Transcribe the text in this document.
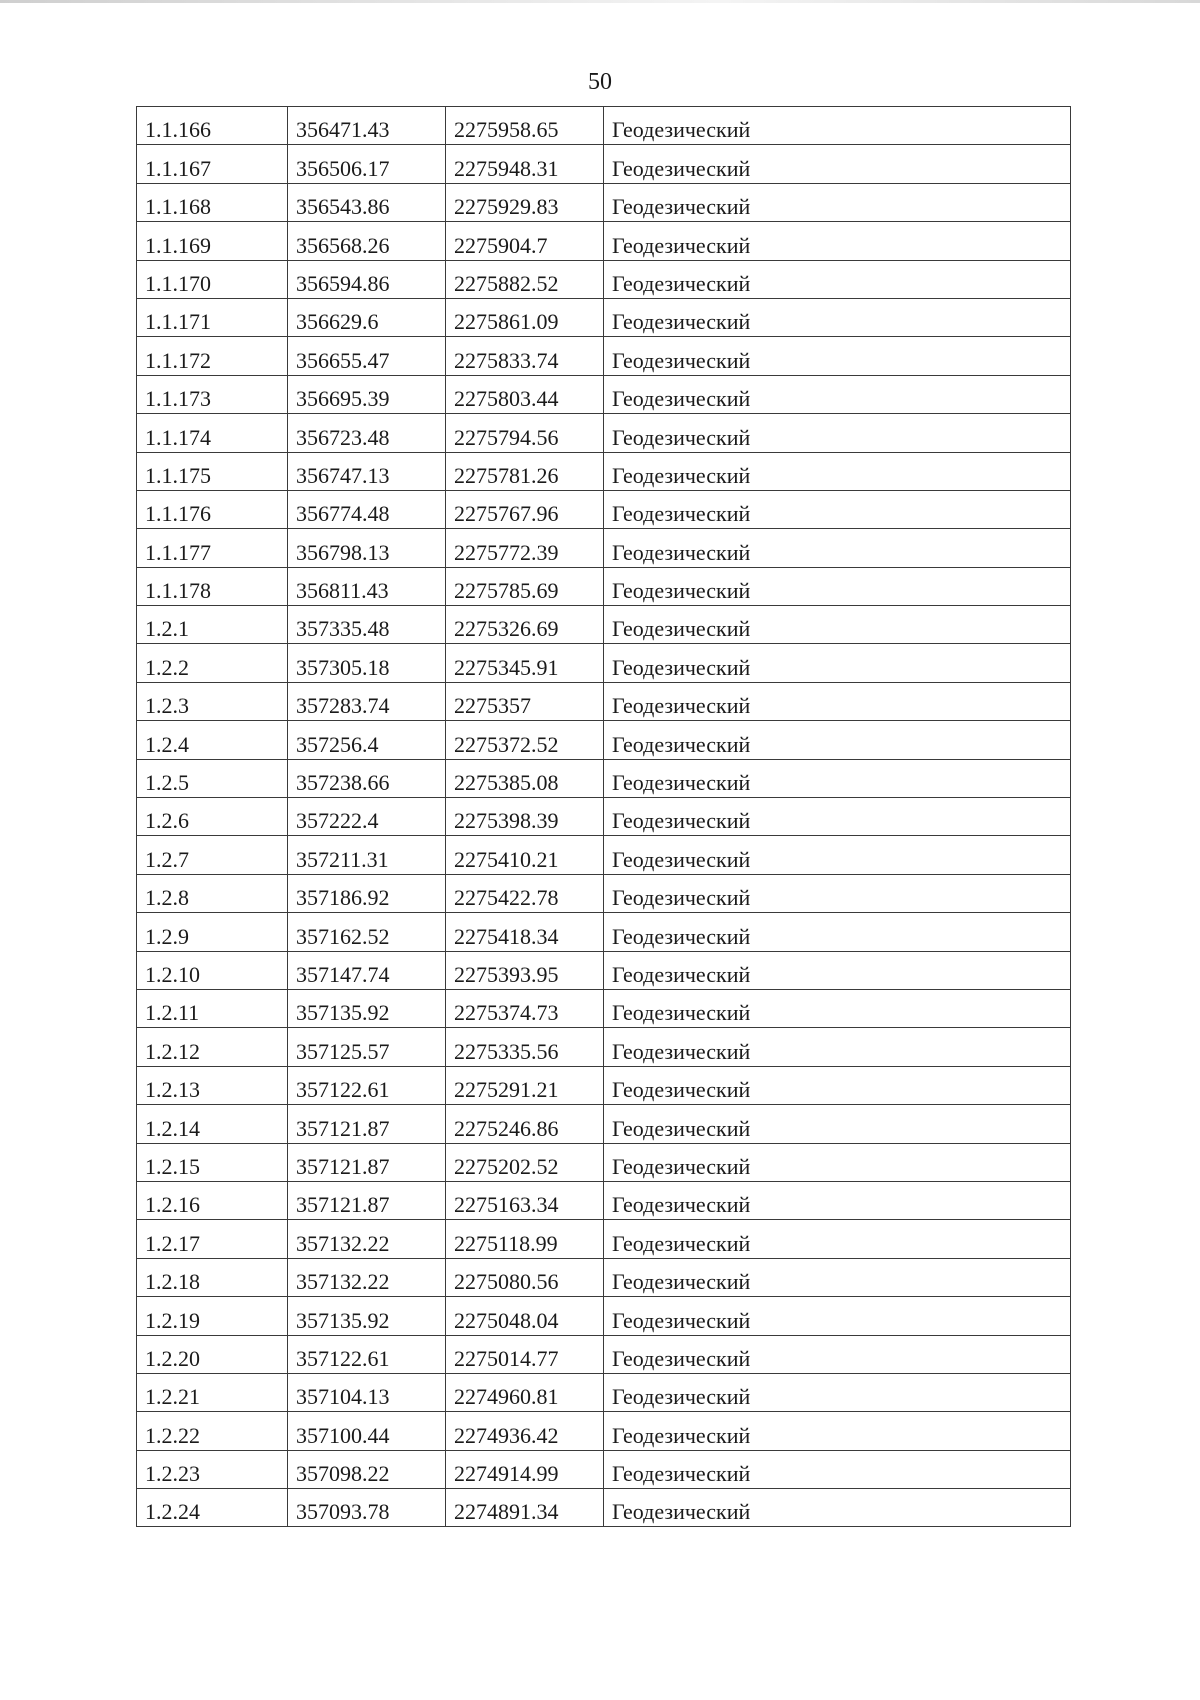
50
1.1.166	356471.43	2275958.65	Геодезический
1.1.167	356506.17	2275948.31	Геодезический
1.1.168	356543.86	2275929.83	Геодезический
1.1.169	356568.26	2275904.7	Геодезический
1.1.170	356594.86	2275882.52	Геодезический
1.1.171	356629.6	2275861.09	Геодезический
1.1.172	356655.47	2275833.74	Геодезический
1.1.173	356695.39	2275803.44	Геодезический
1.1.174	356723.48	2275794.56	Геодезический
1.1.175	356747.13	2275781.26	Геодезический
1.1.176	356774.48	2275767.96	Геодезический
1.1.177	356798.13	2275772.39	Геодезический
1.1.178	356811.43	2275785.69	Геодезический
1.2.1	357335.48	2275326.69	Геодезический
1.2.2	357305.18	2275345.91	Геодезический
1.2.3	357283.74	2275357	Геодезический
1.2.4	357256.4	2275372.52	Геодезический
1.2.5	357238.66	2275385.08	Геодезический
1.2.6	357222.4	2275398.39	Геодезический
1.2.7	357211.31	2275410.21	Геодезический
1.2.8	357186.92	2275422.78	Геодезический
1.2.9	357162.52	2275418.34	Геодезический
1.2.10	357147.74	2275393.95	Геодезический
1.2.11	357135.92	2275374.73	Геодезический
1.2.12	357125.57	2275335.56	Геодезический
1.2.13	357122.61	2275291.21	Геодезический
1.2.14	357121.87	2275246.86	Геодезический
1.2.15	357121.87	2275202.52	Геодезический
1.2.16	357121.87	2275163.34	Геодезический
1.2.17	357132.22	2275118.99	Геодезический
1.2.18	357132.22	2275080.56	Геодезический
1.2.19	357135.92	2275048.04	Геодезический
1.2.20	357122.61	2275014.77	Геодезический
1.2.21	357104.13	2274960.81	Геодезический
1.2.22	357100.44	2274936.42	Геодезический
1.2.23	357098.22	2274914.99	Геодезический
1.2.24	357093.78	2274891.34	Геодезический
